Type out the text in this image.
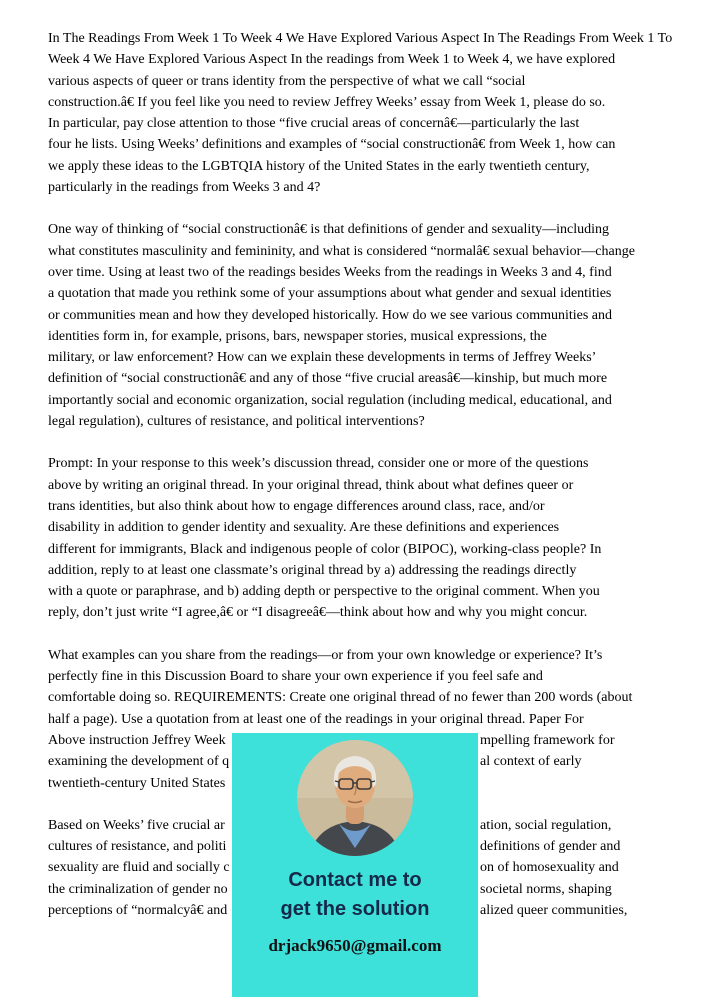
In The Readings From Week 1 To Week 4 We Have Explored Various Aspect In The Readings From Week 1 To
Week 4 We Have Explored Various Aspect In the readings from Week 1 to Week 4, we have explored
various aspects of queer or trans identity from the perspective of what we call “social
construction.â€ If you feel like you need to review Jeffrey Weeks’ essay from Week 1, please do so.
In particular, pay close attention to those “five crucial areas of concernâ€—particularly the last
four he lists. Using Weeks’ definitions and examples of “social constructionâ€ from Week 1, how can
we apply these ideas to the LGBTQIA history of the United States in the early twentieth century,
particularly in the readings from Weeks 3 and 4?
One way of thinking of “social constructionâ€ is that definitions of gender and sexuality—including
what constitutes masculinity and femininity, and what is considered “normalâ€ sexual behavior—change
over time. Using at least two of the readings besides Weeks from the readings in Weeks 3 and 4, find
a quotation that made you rethink some of your assumptions about what gender and sexual identities
or communities mean and how they developed historically. How do we see various communities and
identities form in, for example, prisons, bars, newspaper stories, musical expressions, the
military, or law enforcement? How can we explain these developments in terms of Jeffrey Weeks’
definition of “social constructionâ€ and any of those “five crucial areasâ€—kinship, but much more
importantly social and economic organization, social regulation (including medical, educational, and
legal regulation), cultures of resistance, and political interventions?
Prompt: In your response to this week’s discussion thread, consider one or more of the questions
above by writing an original thread. In your original thread, think about what defines queer or
trans identities, but also think about how to engage differences around class, race, and/or
disability in addition to gender identity and sexuality. Are these definitions and experiences
different for immigrants, Black and indigenous people of color (BIPOC), working-class people? In
addition, reply to at least one classmate’s original thread by a) addressing the readings directly
with a quote or paraphrase, and b) adding depth or perspective to the original comment. When you
reply, don’t just write “I agree,â€ or “I disagreeâ€—think about how and why you might concur.
What examples can you share from the readings—or from your own knowledge or experience? It’s
perfectly fine in this Discussion Board to share your own experience if you feel safe and
comfortable doing so. REQUIREMENTS: Create one original thread of no fewer than 200 words (about
half a page). Use a quotation from at least one of the readings in your original thread. Paper For
Above instruction Jeffrey Week	mpelling framework for
examining the development of q	al context of early
twentieth-century United States
Based on Weeks’ five crucial ar	ation, social regulation,
cultures of resistance, and politi	definitions of gender and
sexuality are fluid and socially c	on of homosexuality and
the criminalization of gender no	societal norms, shaping
perceptions of “normalcyâ€ and	alized queer communities,
Contact me to
get the solution
drjack9650@gmail.com
